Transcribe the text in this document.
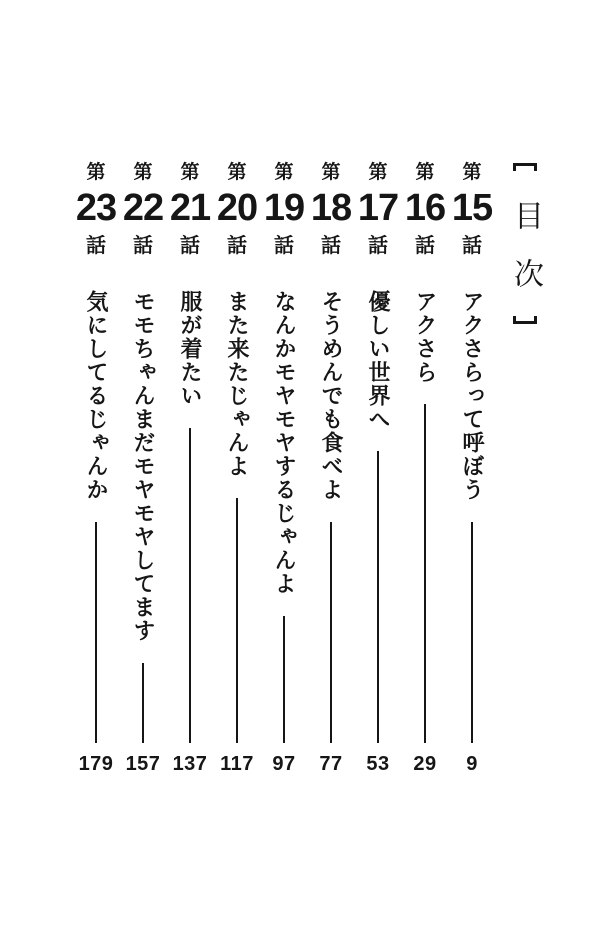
目次
第
15
話
アクさらって呼ぼう
9
第
16
話
アクさら
29
第
17
話
優しい世界へ
53
第
18
話
そうめんでも食べよ
77
第
19
話
なんかモヤモヤするじゃんよ
97
第
20
話
また来たじゃんよ
117
第
21
話
服が着たい
137
第
22
話
モモちゃんまだモヤモヤしてます
157
第
23
話
気にしてるじゃんか
179
